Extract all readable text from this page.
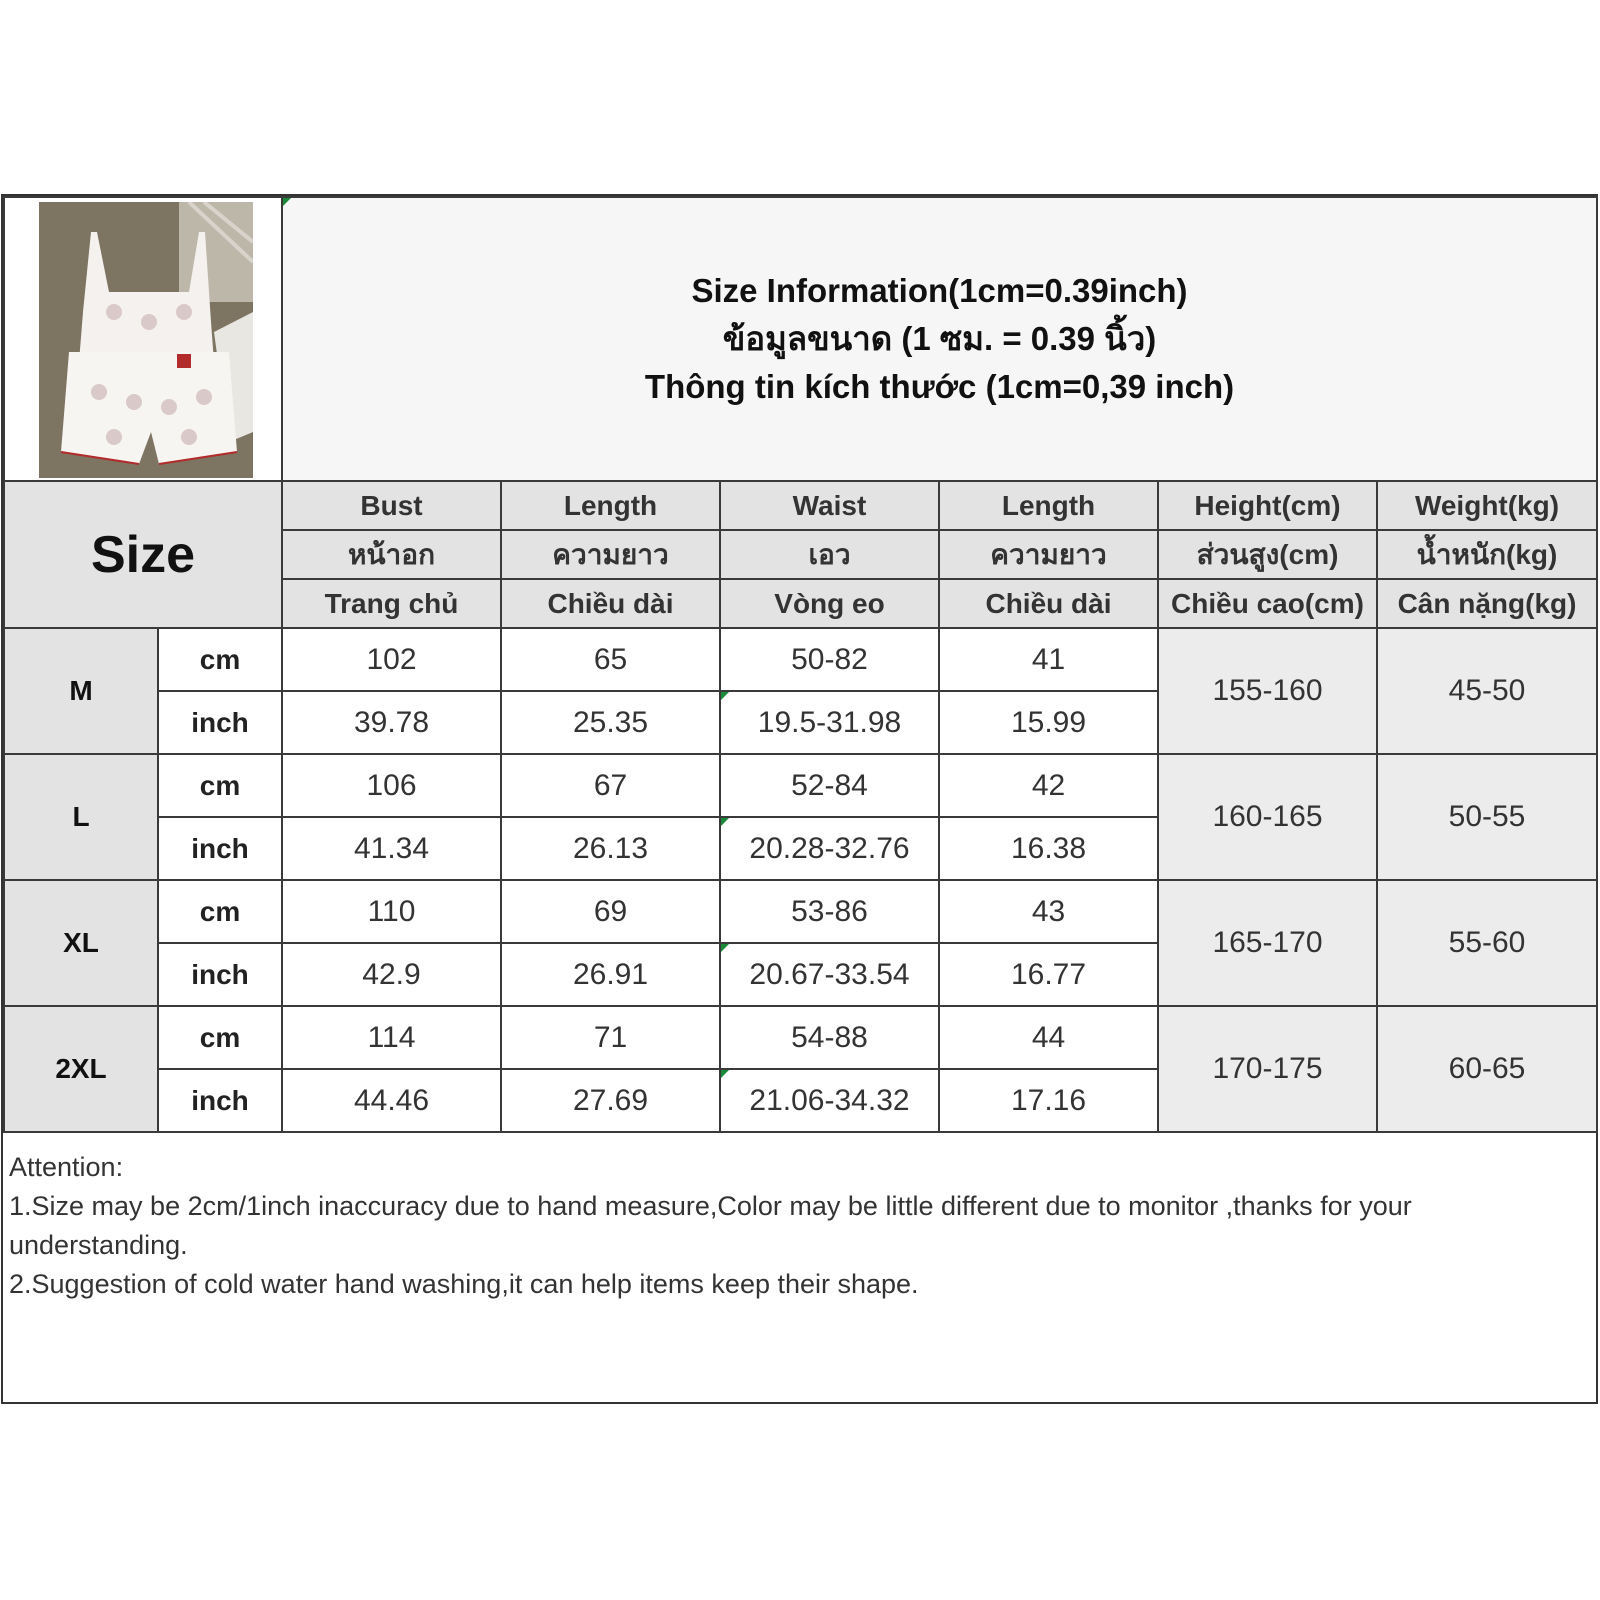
Size Information(1cm=0.39inch)
ข้อมูลขนาด (1 ซม. = 0.39 นิ้ว)
Thông tin kích thước (1cm=0,39 inch)					

Size		Bust	Length	Waist	Length	Height(cm)	Weight(kg)
		หน้าอก	ความยาว	เอว	ความยาว	ส่วนสูง(cm)	น้ำหนัก(kg)
		Trang chủ	Chiều dài	Vòng eo	Chiều dài	Chiều cao(cm)	Cân nặng(kg)
M	cm	102	65	50-82	41	155-160	45-50
	inch	39.78	25.35	19.5-31.98	15.99		
L	cm	106	67	52-84	42	160-165	50-55
	inch	41.34	26.13	20.28-32.76	16.38		
XL	cm	110	69	53-86	43	165-170	55-60
	inch	42.9	26.91	20.67-33.54	16.77		
2XL	cm	114	71	54-88	44	170-175	60-65
	inch	44.46	27.69	21.06-34.32	17.16		
Attention:
1.Size may be 2cm/1inch inaccuracy due to hand measure,Color may be little different due to monitor ,thanks for your understanding.
2.Suggestion of cold water hand washing,it can help items keep their shape.
